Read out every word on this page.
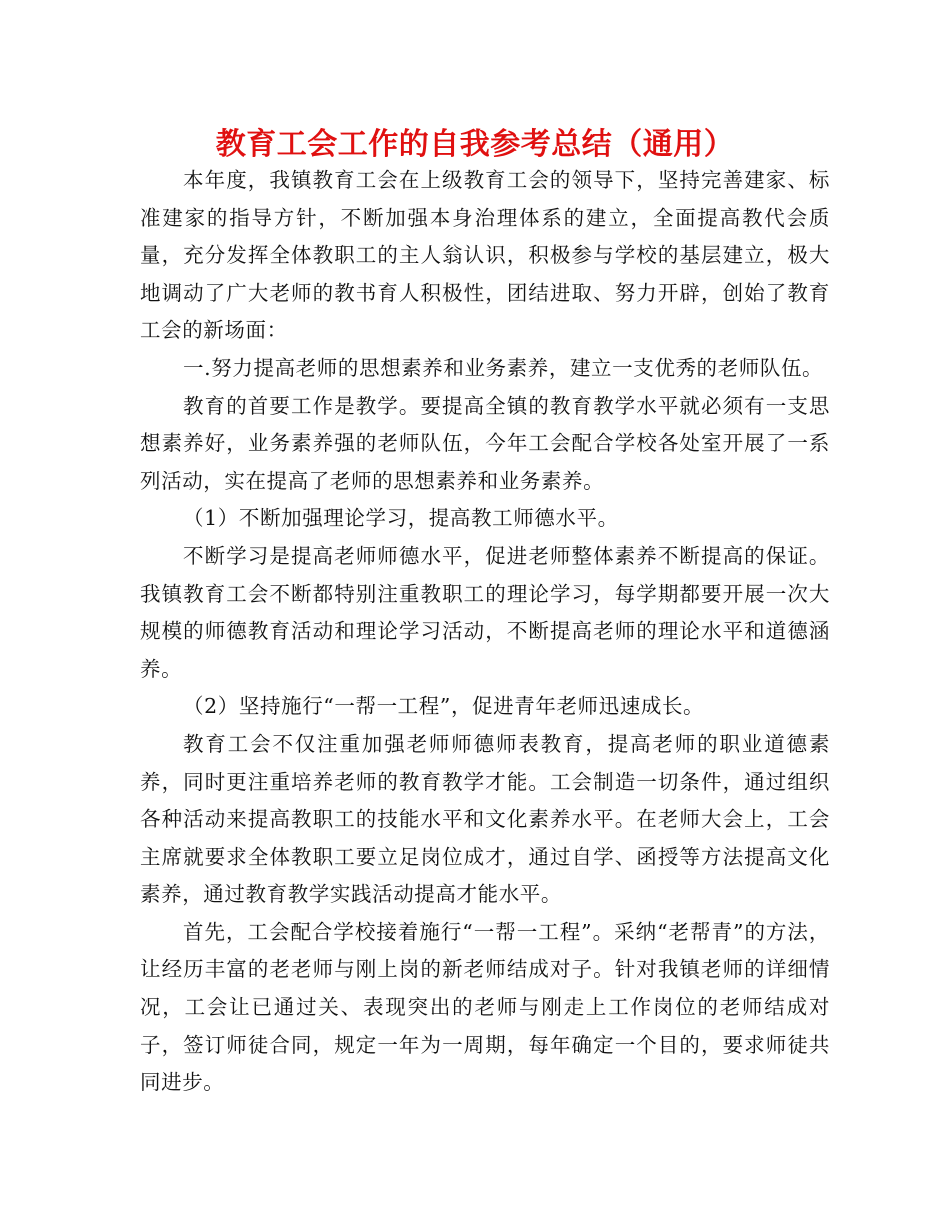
教育工会工作的自我参考总结（通用）

本年度，我镇教育工会在上级教育工会的领导下，坚持完善建家、标准建家的指导方针，不断加强本身治理体系的建立，全面提高教代会质量，充分发挥全体教职工的主人翁认识，积极参与学校的基层建立，极大地调动了广大老师的教书育人积极性，团结进取、努力开辟，创始了教育工会的新场面：

一.努力提高老师的思想素养和业务素养，建立一支优秀的老师队伍。

教育的首要工作是教学。要提高全镇的教育教学水平就必须有一支思想素养好，业务素养强的老师队伍，今年工会配合学校各处室开展了一系列活动，实在提高了老师的思想素养和业务素养。

（1）不断加强理论学习，提高教工师德水平。

不断学习是提高老师师德水平，促进老师整体素养不断提高的保证。我镇教育工会不断都特别注重教职工的理论学习，每学期都要开展一次大规模的师德教育活动和理论学习活动，不断提高老师的理论水平和道德涵养。

（2）坚持施行“一帮一工程”，促进青年老师迅速成长。

教育工会不仅注重加强老师师德师表教育，提高老师的职业道德素养，同时更注重培养老师的教育教学才能。工会制造一切条件，通过组织各种活动来提高教职工的技能水平和文化素养水平。在老师大会上，工会主席就要求全体教职工要立足岗位成才，通过自学、函授等方法提高文化素养，通过教育教学实践活动提高才能水平。

首先，工会配合学校接着施行“一帮一工程”。采纳“老帮青”的方法，让经历丰富的老老师与刚上岗的新老师结成对子。针对我镇老师的详细情况，工会让已通过关、表现突出的老师与刚走上工作岗位的老师结成对子，签订师徒合同，规定一年为一周期，每年确定一个目的，要求师徒共同进步。
